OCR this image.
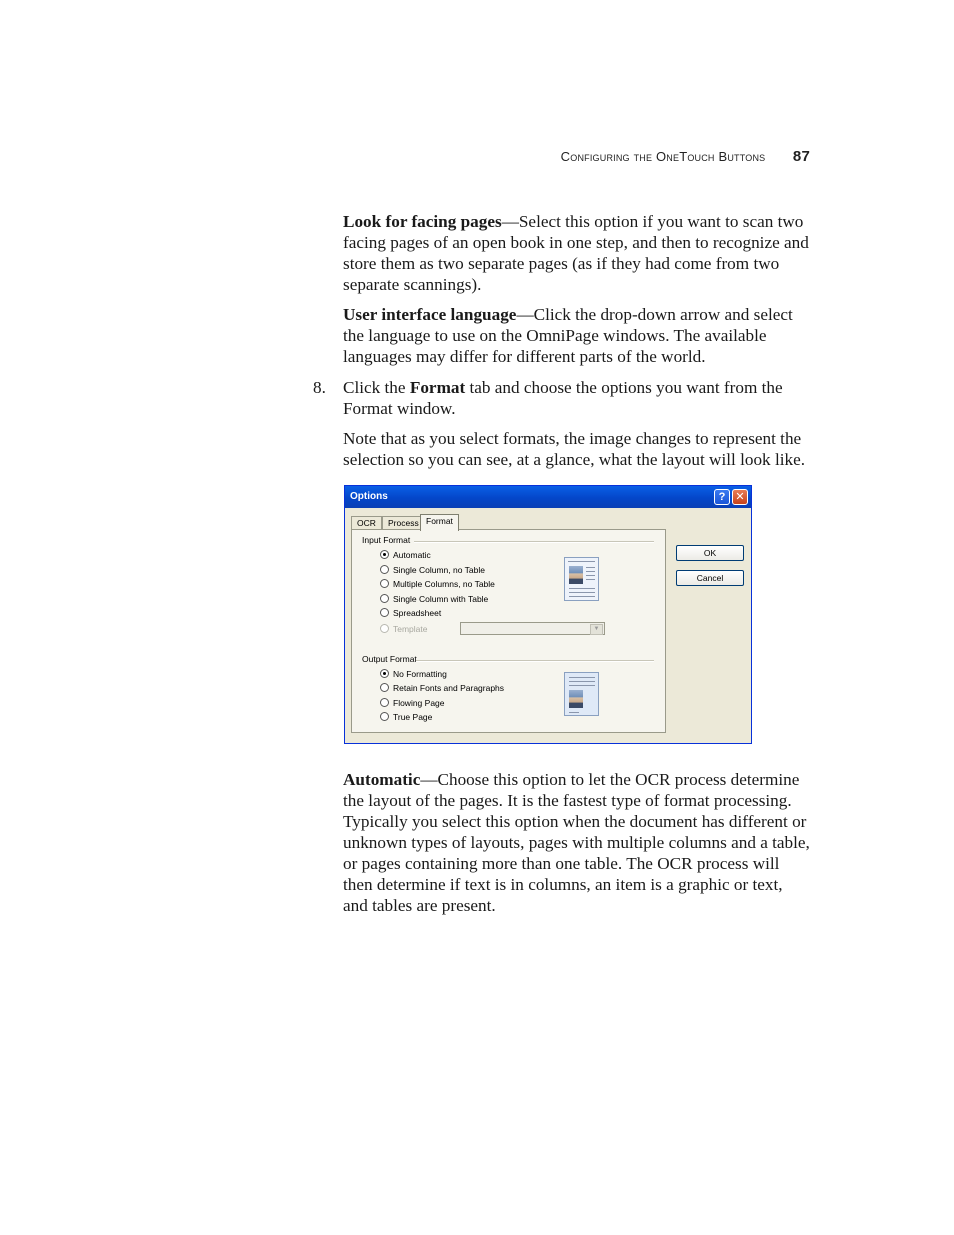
Configuring the OneTouch Buttons 87

Look for facing pages—Select this option if you want to scan two facing pages of an open book in one step, and then to recognize and store them as two separate pages (as if they had come from two separate scannings).

User interface language—Click the drop-down arrow and select the language to use on the OmniPage windows. The available languages may differ for different parts of the world.

8. Click the Format tab and choose the options you want from the Format window.

Note that as you select formats, the image changes to represent the selection so you can see, at a glance, what the layout will look like.

Options	? ✕
OCR	Process Format
Input Format
Automatic
Single Column, no Table
Multiple Columns, no Table
Single Column with Table
Spreadsheet
Template	▼
Output Format
No Formatting
Retain Fonts and Paragraphs
Flowing Page
True Page
OK
Cancel

Automatic—Choose this option to let the OCR process determine the layout of the pages. It is the fastest type of format processing. Typically you select this option when the document has different or unknown types of layouts, pages with multiple columns and a table, or pages containing more than one table. The OCR process will then determine if text is in columns, an item is a graphic or text, and tables are present.
